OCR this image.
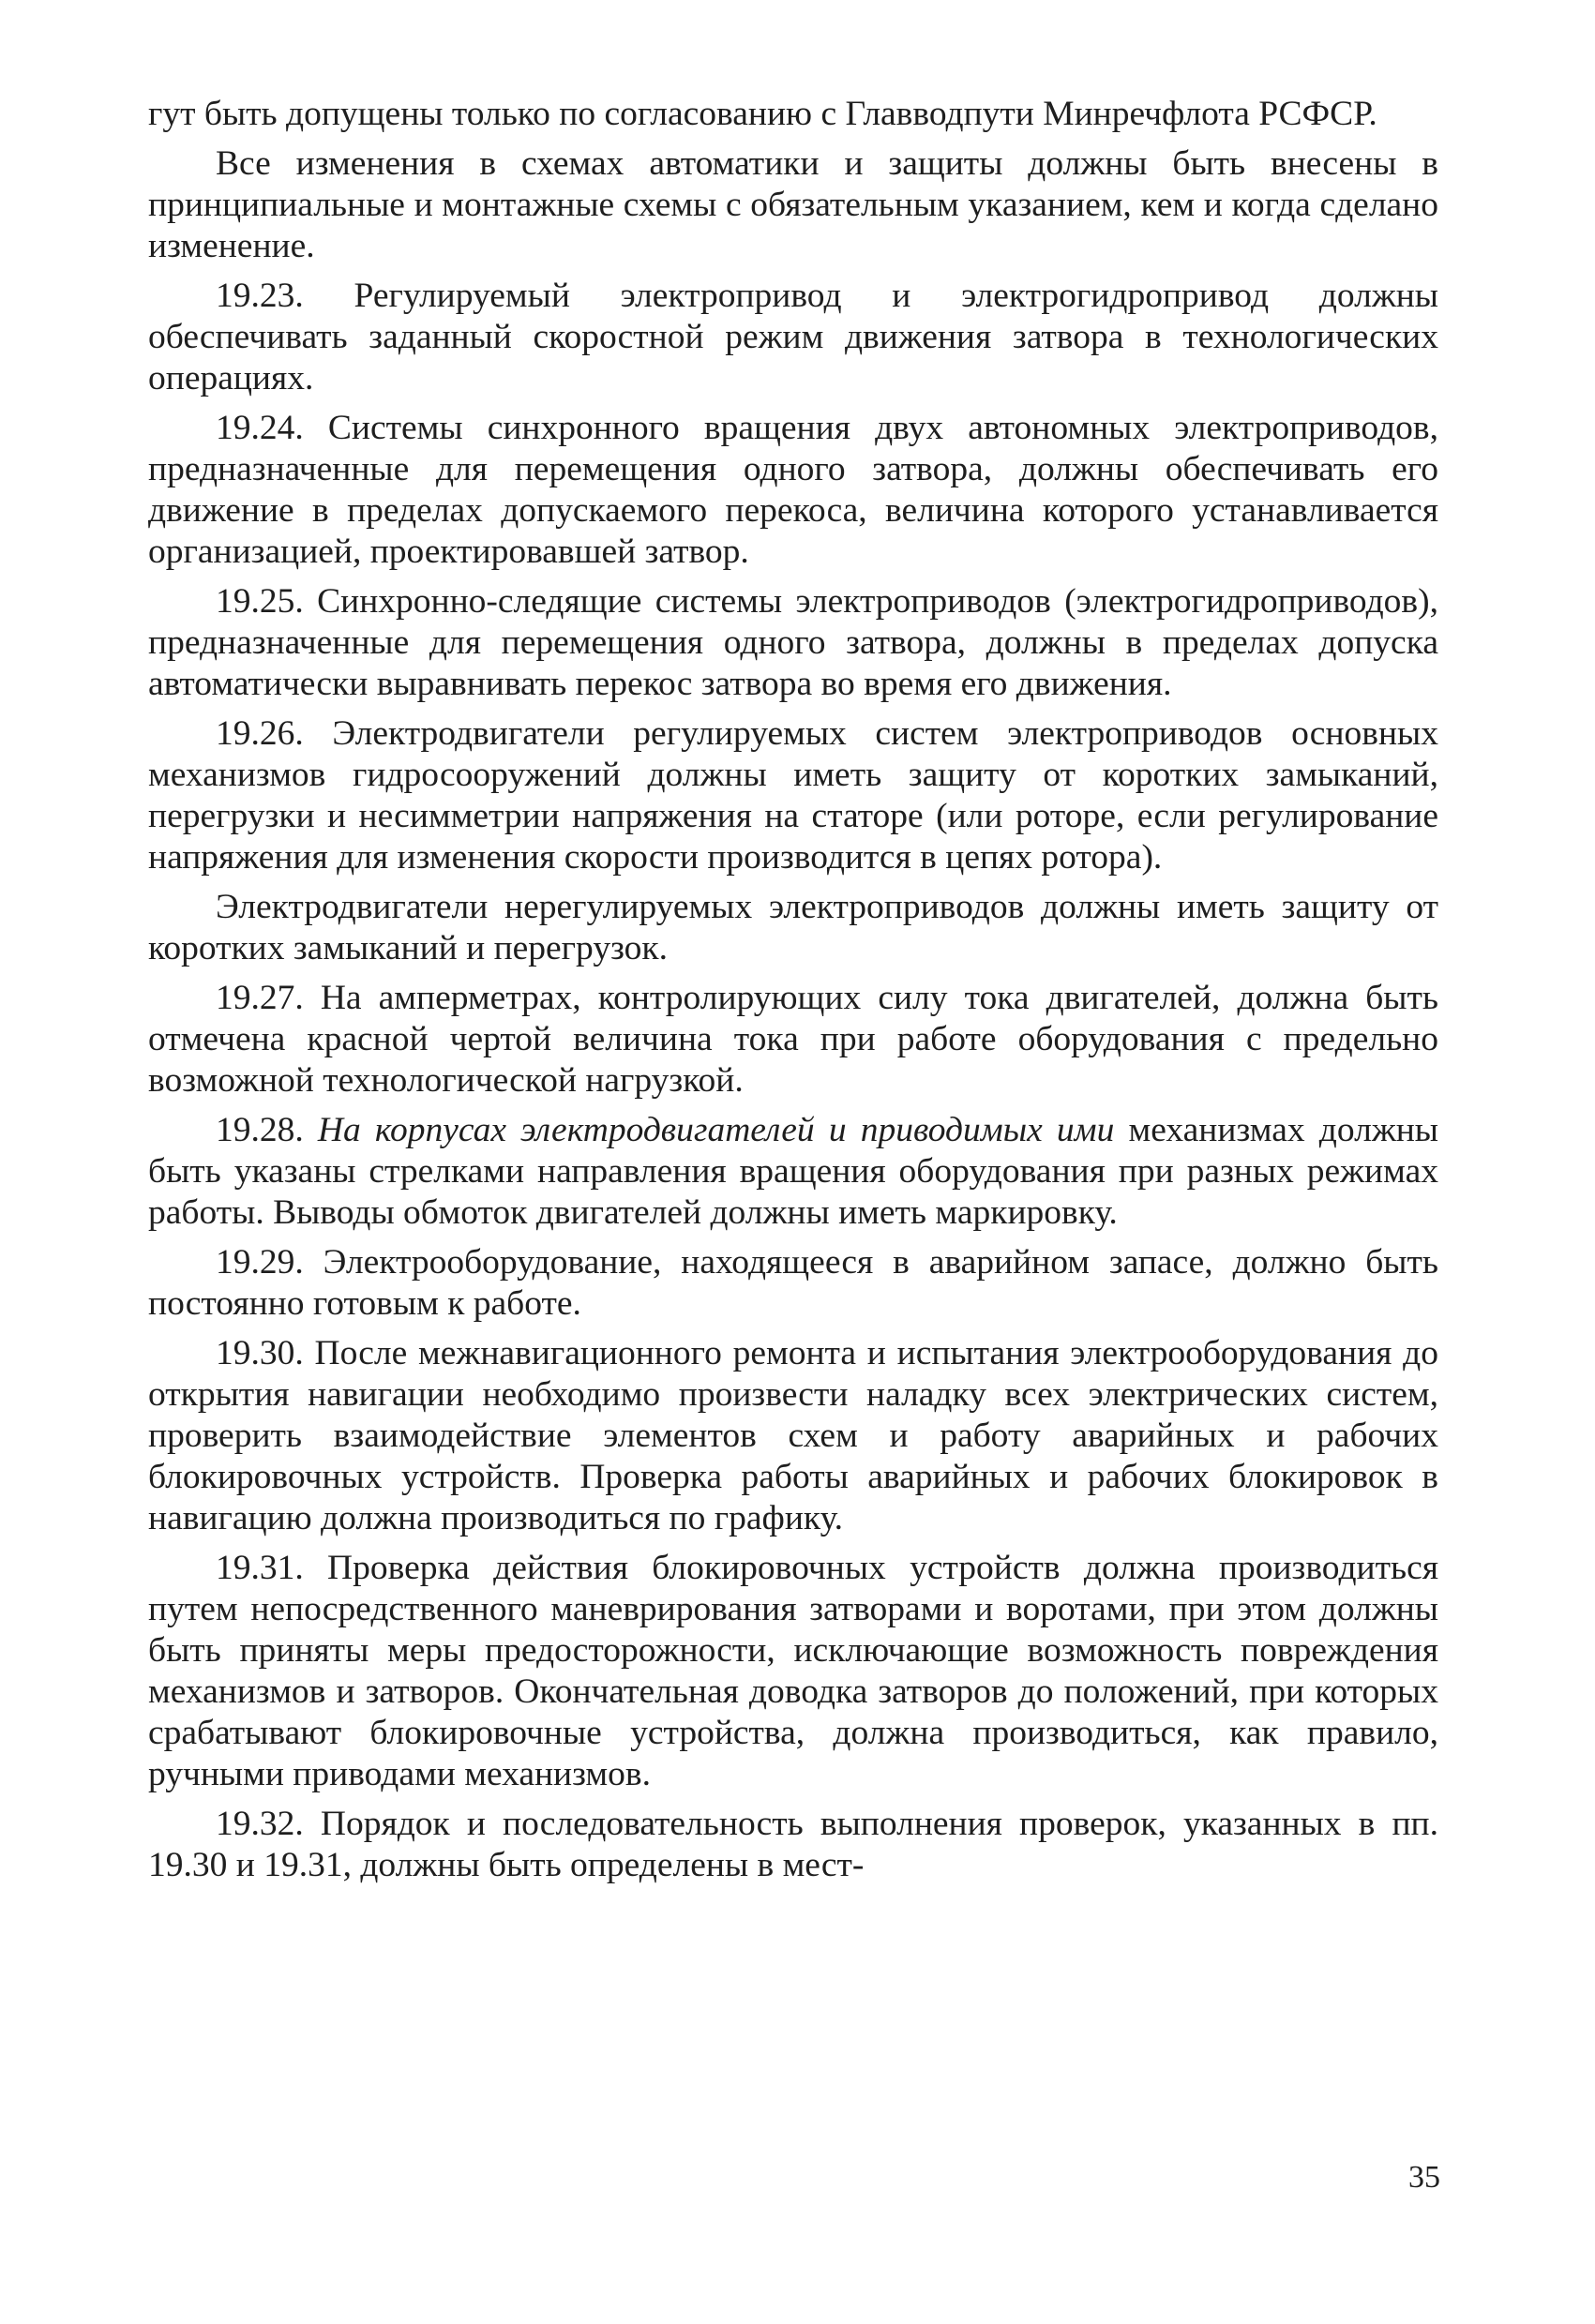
гут быть допущены только по согласованию с Главводпути Минречфлота РСФСР.

Все изменения в схемах автоматики и защиты должны быть внесены в принципиальные и монтажные схемы с обязательным указанием, кем и когда сделано изменение.

19.23. Регулируемый электропривод и электрогидропривод должны обеспечивать заданный скоростной режим движения затвора в технологических операциях.

19.24. Системы синхронного вращения двух автономных электроприводов, предназначенные для перемещения одного затвора, должны обеспечивать его движение в пределах допускаемого перекоса, величина которого устанавливается организацией, проектировавшей затвор.

19.25. Синхронно-следящие системы электроприводов (электрогидроприводов), предназначенные для перемещения одного затвора, должны в пределах допуска автоматически выравнивать перекос затвора во время его движения.

19.26. Электродвигатели регулируемых систем электроприводов основных механизмов гидросооружений должны иметь защиту от коротких замыканий, перегрузки и несимметрии напряжения на статоре (или роторе, если регулирование напряжения для изменения скорости производится в цепях ротора).

Электродвигатели нерегулируемых электроприводов должны иметь защиту от коротких замыканий и перегрузок.

19.27. На амперметрах, контролирующих силу тока двигателей, должна быть отмечена красной чертой величина тока при работе оборудования с предельно возможной технологической нагрузкой.

19.28. На корпусах электродвигателей и приводимых ими механизмах должны быть указаны стрелками направления вращения оборудования при разных режимах работы. Выводы обмоток двигателей должны иметь маркировку.

19.29. Электрооборудование, находящееся в аварийном запасе, должно быть постоянно готовым к работе.

19.30. После межнавигационного ремонта и испытания электрооборудования до открытия навигации необходимо произвести наладку всех электрических систем, проверить взаимодействие элементов схем и работу аварийных и рабочих блокировочных устройств. Проверка работы аварийных и рабочих блокировок в навигацию должна производиться по графику.

19.31. Проверка действия блокировочных устройств должна производиться путем непосредственного маневрирования затворами и воротами, при этом должны быть приняты меры предосторожности, исключающие возможность повреждения механизмов и затворов. Окончательная доводка затворов до положений, при которых срабатывают блокировочные устройства, должна производиться, как правило, ручными приводами механизмов.

19.32. Порядок и последовательность выполнения проверок, указанных в пп. 19.30 и 19.31, должны быть определены в мест-

35
